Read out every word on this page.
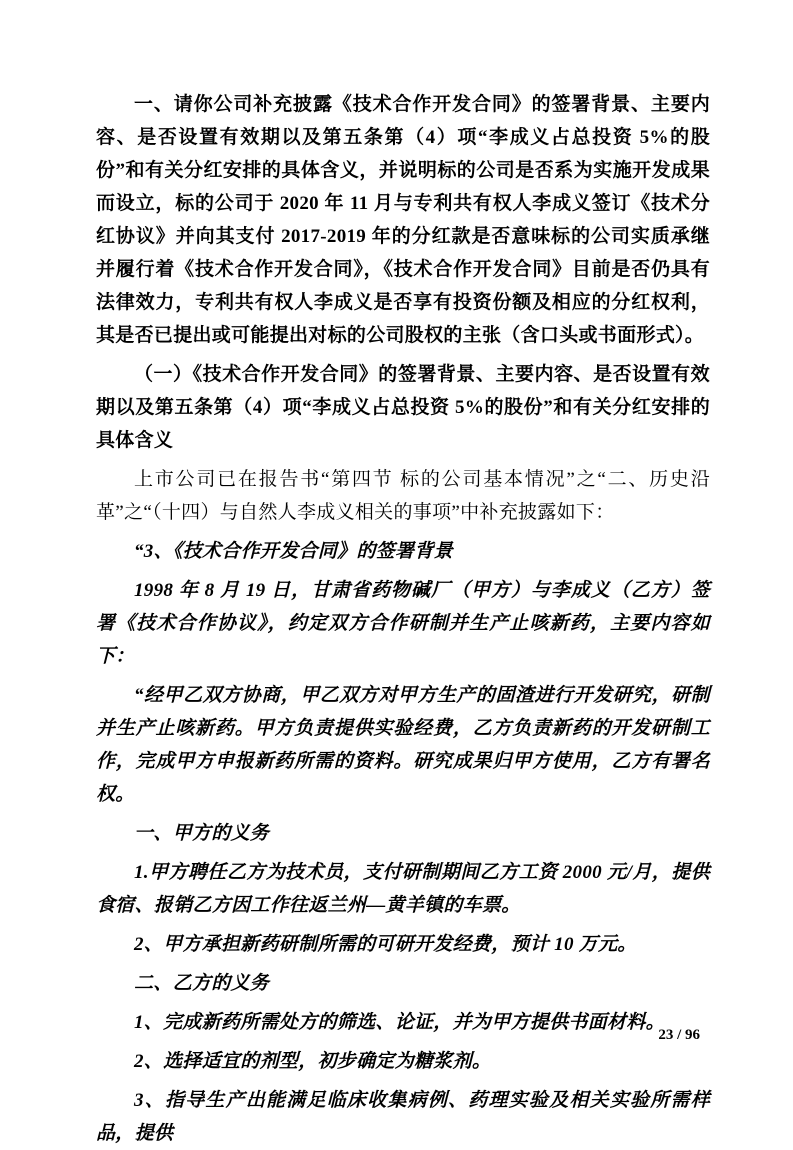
一、请你公司补充披露《技术合作开发合同》的签署背景、主要内容、是否设置有效期以及第五条第（4）项“李成义占总投资 5%的股份”和有关分红安排的具体含义，并说明标的公司是否系为实施开发成果而设立，标的公司于 2020 年 11 月与专利共有权人李成义签订《技术分红协议》并向其支付 2017-2019 年的分红款是否意味标的公司实质承继并履行着《技术合作开发合同》，《技术合作开发合同》目前是否仍具有法律效力，专利共有权人李成义是否享有投资份额及相应的分红权利，其是否已提出或可能提出对标的公司股权的主张（含口头或书面形式）。

（一）《技术合作开发合同》的签署背景、主要内容、是否设置有效期以及第五条第（4）项“李成义占总投资 5%的股份”和有关分红安排的具体含义

上市公司已在报告书“第四节 标的公司基本情况”之“二、历史沿革”之“（十四）与自然人李成义相关的事项”中补充披露如下：

“3、《技术合作开发合同》的签署背景

1998 年 8 月 19 日，甘肃省药物碱厂（甲方）与李成义（乙方）签署《技术合作协议》，约定双方合作研制并生产止咳新药，主要内容如下：

“经甲乙双方协商，甲乙双方对甲方生产的固渣进行开发研究，研制并生产止咳新药。甲方负责提供实验经费，乙方负责新药的开发研制工作，完成甲方申报新药所需的资料。研究成果归甲方使用，乙方有署名权。

一、甲方的义务

1.甲方聘任乙方为技术员，支付研制期间乙方工资 2000 元/月，提供食宿、报销乙方因工作往返兰州—黄羊镇的车票。

2、甲方承担新药研制所需的可研开发经费，预计 10 万元。

二、乙方的义务

1、完成新药所需处方的筛选、论证，并为甲方提供书面材料。

2、选择适宜的剂型，初步确定为糖浆剂。

3、指导生产出能满足临床收集病例、药理实验及相关实验所需样品，提供

23 / 96
